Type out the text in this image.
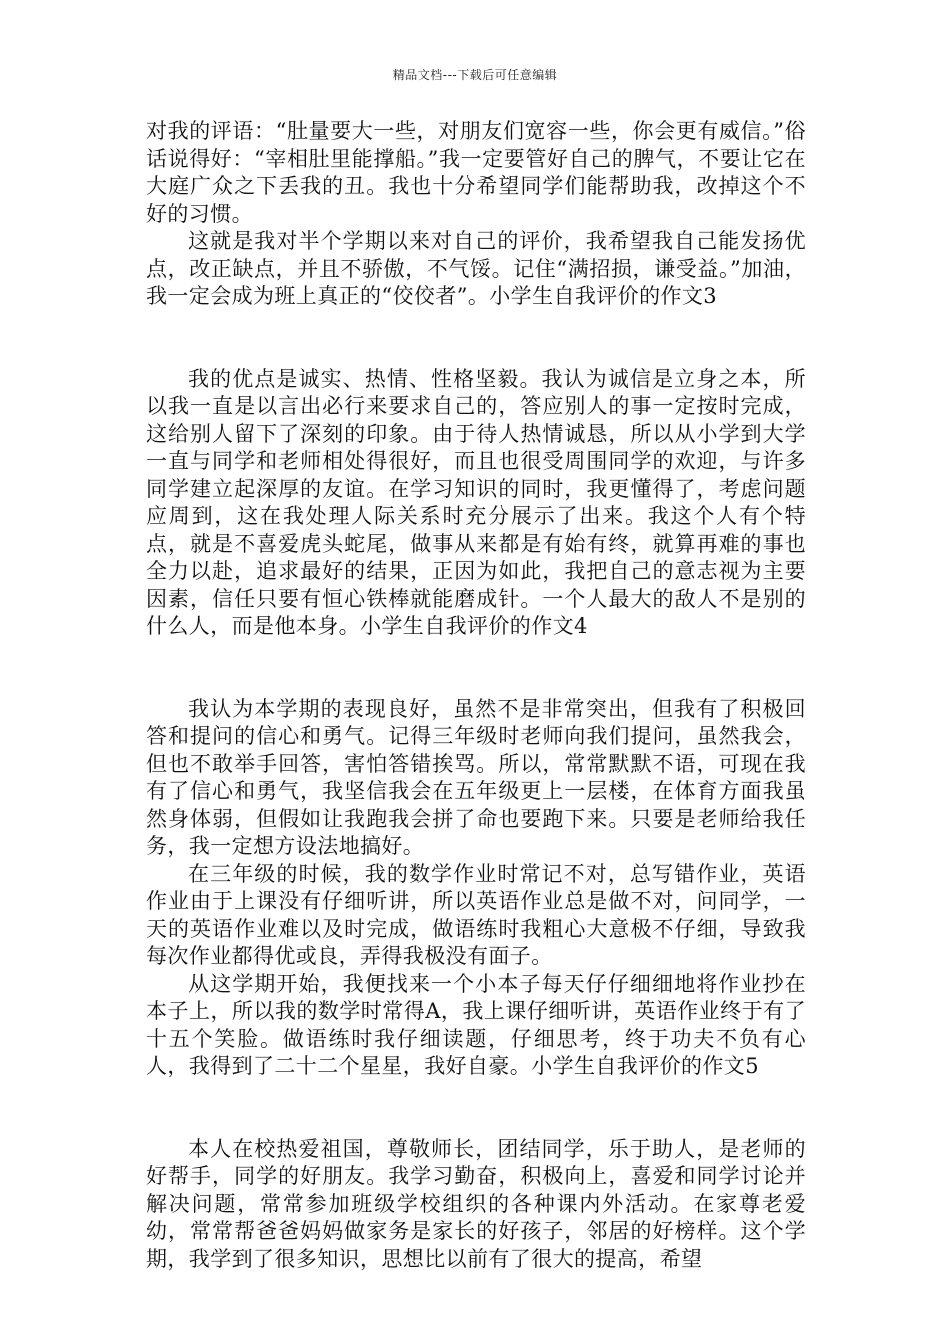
精品文档---下载后可任意编辑

对我的评语：“肚量要大一些，对朋友们宽容一些，你会更有威信。”俗话说得好：“宰相肚里能撑船。”我一定要管好自己的脾气，不要让它在大庭广众之下丢我的丑。我也十分希望同学们能帮助我，改掉这个不好的习惯。

这就是我对半个学期以来对自己的评价，我希望我自己能发扬优点，改正缺点，并且不骄傲，不气馁。记住“满招损，谦受益。”加油，我一定会成为班上真正的“佼佼者”。小学生自我评价的作文3

我的优点是诚实、热情、性格坚毅。我认为诚信是立身之本，所以我一直是以言出必行来要求自己的，答应别人的事一定按时完成，这给别人留下了深刻的印象。由于待人热情诚恳，所以从小学到大学一直与同学和老师相处得很好，而且也很受周围同学的欢迎，与许多同学建立起深厚的友谊。在学习知识的同时，我更懂得了，考虑问题应周到，这在我处理人际关系时充分展示了出来。我这个人有个特点，就是不喜爱虎头蛇尾，做事从来都是有始有终，就算再难的事也全力以赴，追求最好的结果，正因为如此，我把自己的意志视为主要因素，信任只要有恒心铁棒就能磨成针。一个人最大的敌人不是别的什么人，而是他本身。小学生自我评价的作文4

我认为本学期的表现良好，虽然不是非常突出，但我有了积极回答和提问的信心和勇气。记得三年级时老师向我们提问，虽然我会，但也不敢举手回答，害怕答错挨骂。所以，常常默默不语，可现在我有了信心和勇气，我坚信我会在五年级更上一层楼，在体育方面我虽然身体弱，但假如让我跑我会拼了命也要跑下来。只要是老师给我任务，我一定想方设法地搞好。

在三年级的时候，我的数学作业时常记不对，总写错作业，英语作业由于上课没有仔细听讲，所以英语作业总是做不对，问同学，一天的英语作业难以及时完成，做语练时我粗心大意极不仔细，导致我每次作业都得优或良，弄得我极没有面子。

从这学期开始，我便找来一个小本子每天仔仔细细地将作业抄在本子上，所以我的数学时常得A，我上课仔细听讲，英语作业终于有了十五个笑脸。做语练时我仔细读题，仔细思考，终于功夫不负有心人，我得到了二十二个星星，我好自豪。小学生自我评价的作文5

本人在校热爱祖国，尊敬师长，团结同学，乐于助人，是老师的好帮手，同学的好朋友。我学习勤奋，积极向上，喜爱和同学讨论并解决问题，常常参加班级学校组织的各种课内外活动。在家尊老爱幼，常常帮爸爸妈妈做家务是家长的好孩子，邻居的好榜样。这个学期，我学到了很多知识，思想比以前有了很大的提高，希望
